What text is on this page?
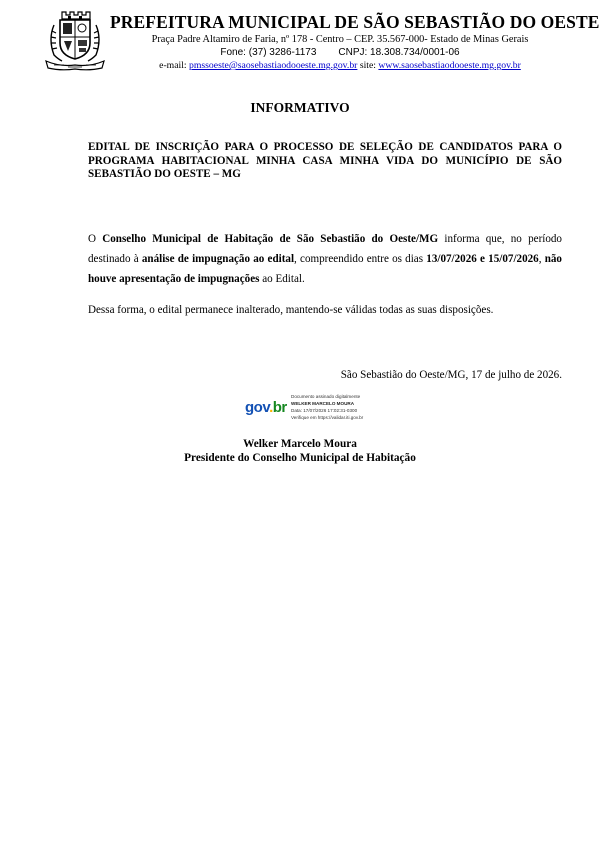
PREFEITURA MUNICIPAL DE SÃO SEBASTIÃO DO OESTE
Praça Padre Altamiro de Faria, nº 178 - Centro – CEP. 35.567-000- Estado de Minas Gerais
Fone: (37) 3286-1173 CNPJ: 18.308.734/0001-06
e-mail: pmssoeste@saosebastiaodooeste.mg.gov.br site: www.saosebastiaodooeste.mg.gov.br
INFORMATIVO
EDITAL DE INSCRIÇÃO PARA O PROCESSO DE SELEÇÃO DE CANDIDATOS PARA O PROGRAMA HABITACIONAL MINHA CASA MINHA VIDA DO MUNICÍPIO DE SÃO SEBASTIÃO DO OESTE – MG
O Conselho Municipal de Habitação de São Sebastião do Oeste/MG informa que, no período destinado à análise de impugnação ao edital, compreendido entre os dias 13/07/2026 e 15/07/2026, não houve apresentação de impugnações ao Edital.
Dessa forma, o edital permanece inalterado, mantendo-se válidas todas as suas disposições.
São Sebastião do Oeste/MG, 17 de julho de 2026.
gov.br
Documento assinado digitalmente
WELKER MARCELO MOURA
Data: 17/07/2026 17:02:31-0300
Verifique em https://validar.iti.gov.br
Welker Marcelo Moura
Presidente do Conselho Municipal de Habitação
